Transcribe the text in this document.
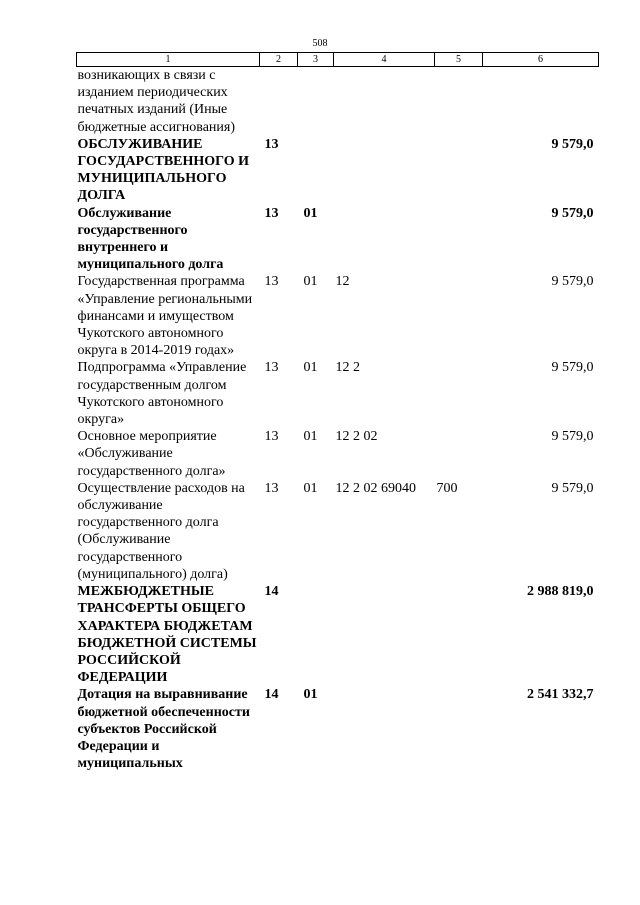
508
1	2	3	4	5	6
возникающих в связи с изданием периодических печатных изданий (Иные бюджетные ассигнования)					
ОБСЛУЖИВАНИЕ ГОСУДАРСТВЕННОГО И МУНИЦИПАЛЬНОГО ДОЛГА	13				9 579,0
Обслуживание государственного внутреннего и муниципального долга	13	01			9 579,0
Государственная программа «Управление региональными финансами и имуществом Чукотского автономного округа в 2014-2019 годах»	13	01	12		9 579,0
Подпрограмма «Управление государственным долгом Чукотского автономного округа»	13	01	12 2		9 579,0
Основное мероприятие «Обслуживание государственного долга»	13	01	12 2 02		9 579,0
Осуществление расходов на обслуживание государственного долга (Обслуживание государственного (муниципального) долга)	13	01	12 2 02 69040	700	9 579,0
МЕЖБЮДЖЕТНЫЕ ТРАНСФЕРТЫ ОБЩЕГО ХАРАКТЕРА БЮДЖЕТАМ БЮДЖЕТНОЙ СИСТЕМЫ РОССИЙСКОЙ ФЕДЕРАЦИИ	14				2 988 819,0
Дотация на выравнивание бюджетной обеспеченности субъектов Российской Федерации и муниципальных	14	01			2 541 332,7
